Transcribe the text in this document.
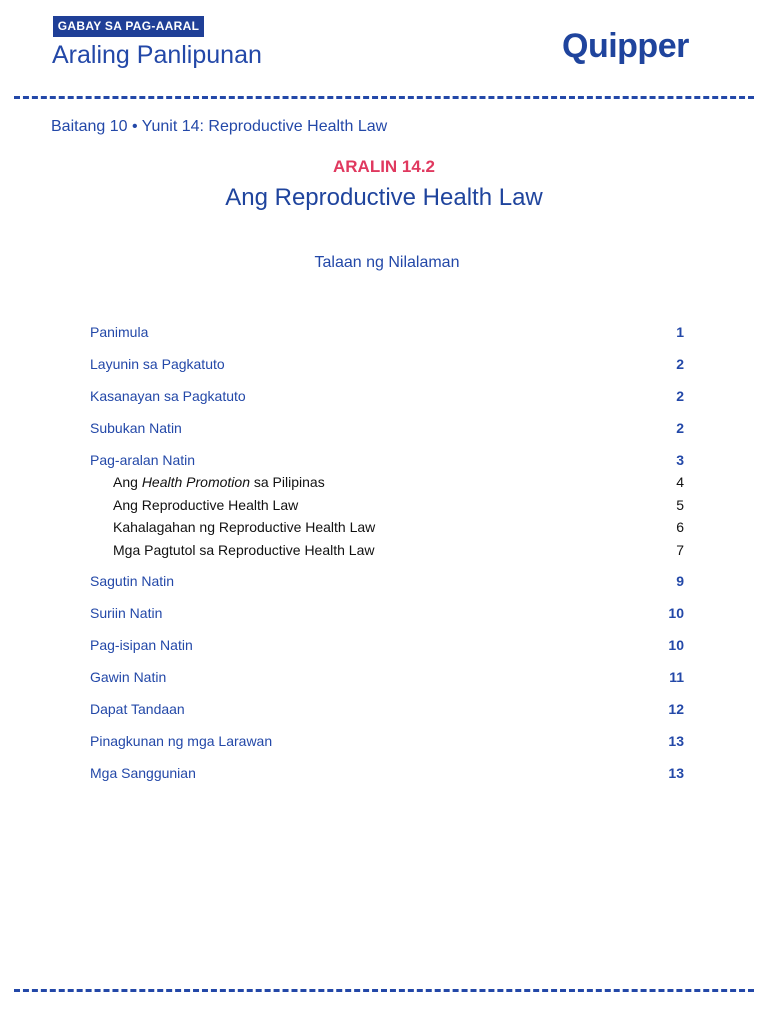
GABAY SA PAG-AARAL
Araling Panlipunan	Quipper
Baitang 10 • Yunit 14: Reproductive Health Law
ARALIN 14.2
Ang Reproductive Health Law
Talaan ng Nilalaman
Panimula	1
Layunin sa Pagkatuto	2
Kasanayan sa Pagkatuto	2
Subukan Natin	2
Pag-aralan Natin	3
Ang Health Promotion sa Pilipinas	4
Ang Reproductive Health Law	5
Kahalagahan ng Reproductive Health Law	6
Mga Pagtutol sa Reproductive Health Law	7
Sagutin Natin	9
Suriin Natin	10
Pag-isipan Natin	10
Gawin Natin	11
Dapat Tandaan	12
Pinagkunan ng mga Larawan	13
Mga Sanggunian	13
